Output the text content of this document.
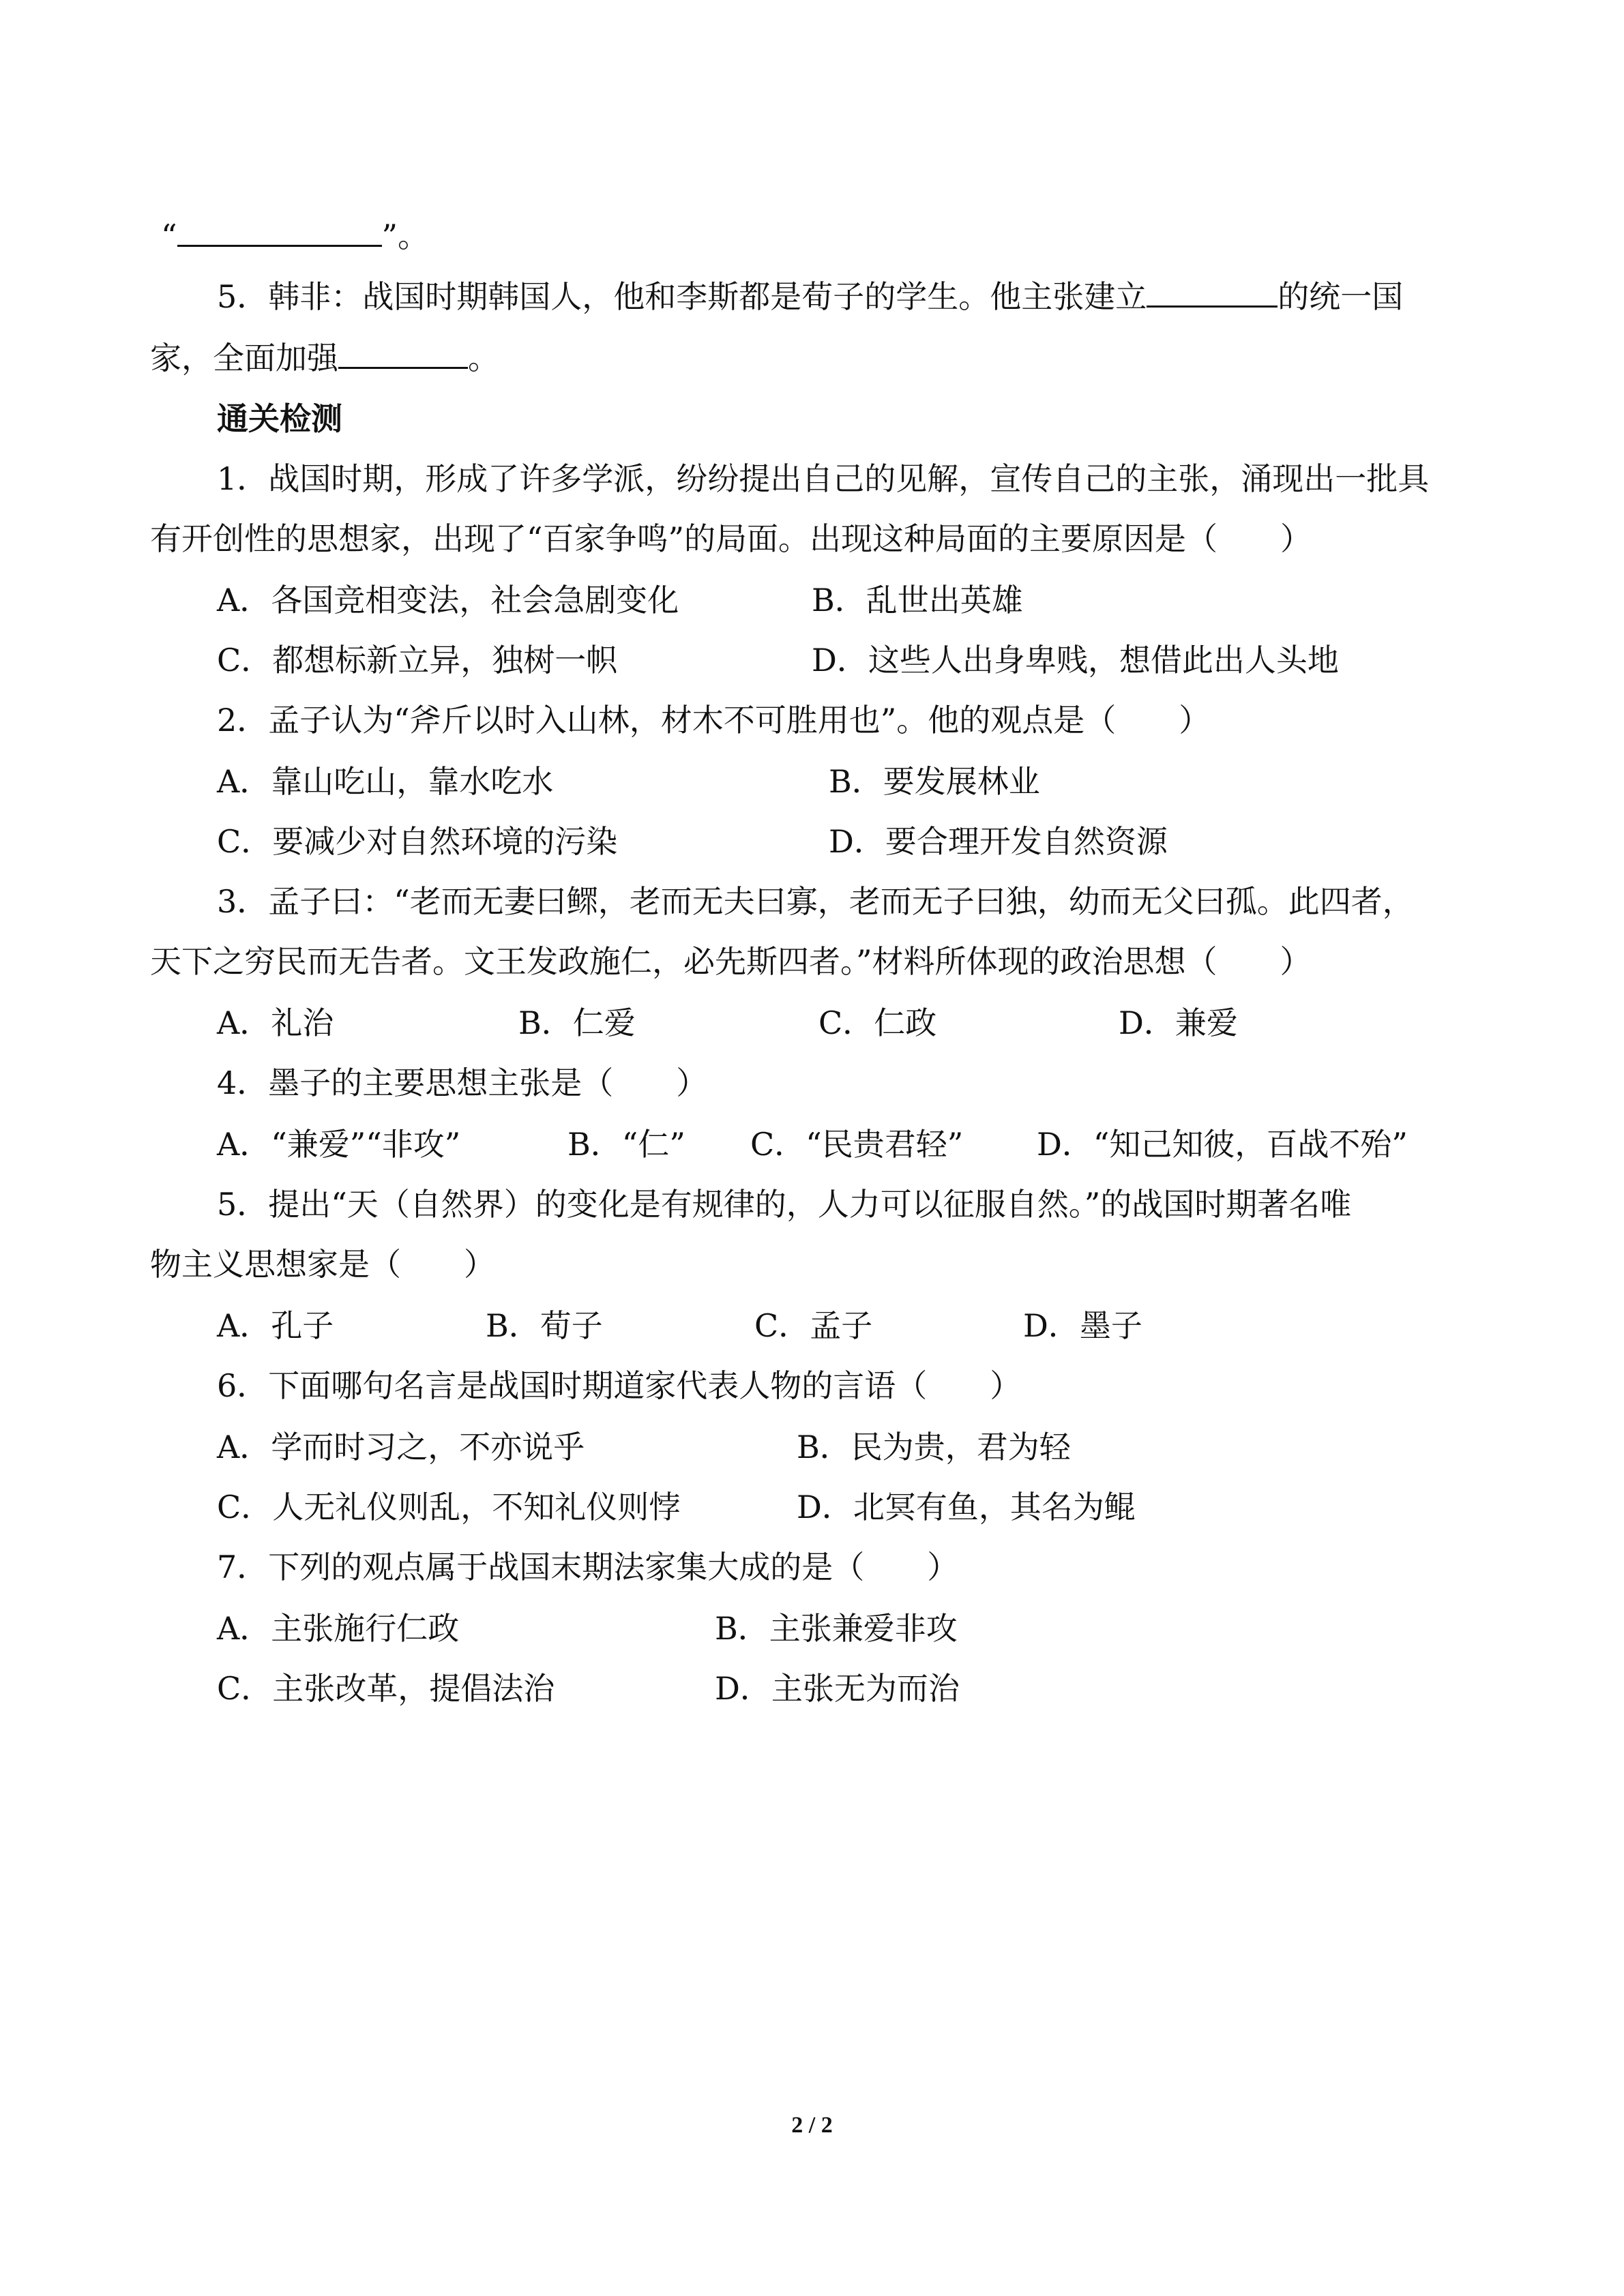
“	”。
5．韩非：战国时期韩国人，他和李斯都是荀子的学生。他主张建立	的统一国
家，全面加强	。
通关检测
1．战国时期，形成了许多学派，纷纷提出自己的见解，宣传自己的主张，涌现出一批具
有开创性的思想家，出现了“百家争鸣”的局面。出现这种局面的主要原因是（　　）
A．各国竞相变法，社会急剧变化	B．乱世出英雄
C．都想标新立异，独树一帜	D．这些人出身卑贱，想借此出人头地
2．孟子认为“斧斤以时入山林，材木不可胜用也”。他的观点是（　　）
A．靠山吃山，靠水吃水	B．要发展林业
C．要减少对自然环境的污染	D．要合理开发自然资源
3．孟子曰：“老而无妻曰鳏，老而无夫曰寡，老而无子曰独，幼而无父曰孤。此四者，
天下之穷民而无告者。文王发政施仁，必先斯四者。”材料所体现的政治思想（　　）
A．礼治	B．仁爱	C．仁政	D．兼爱
4．墨子的主要思想主张是（　　）
A．“兼爱”“非攻”	B．“仁” C．“民贵君轻” D．“知己知彼，百战不殆”
5．提出“天（自然界）的变化是有规律的，人力可以征服自然。”的战国时期著名唯
物主义思想家是（　　）
A．孔子	B．荀子	C．孟子	D．墨子
6．下面哪句名言是战国时期道家代表人物的言语（　　）
A．学而时习之，不亦说乎	B．民为贵，君为轻
C．人无礼仪则乱，不知礼仪则悖	D．北冥有鱼，其名为鲲
7．下列的观点属于战国末期法家集大成的是（　　）
A．主张施行仁政	B．主张兼爱非攻
C．主张改革，提倡法治	D．主张无为而治
2 / 2
